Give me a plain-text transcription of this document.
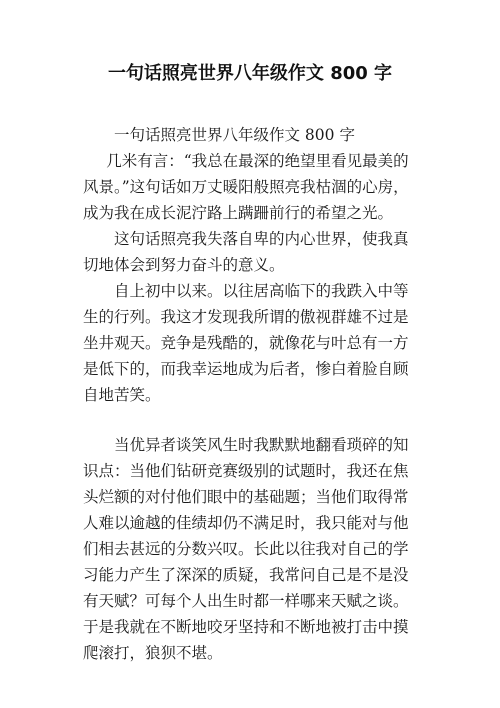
一句话照亮世界八年级作文 800 字

一句话照亮世界八年级作文 800 字

几米有言：“我总在最深的绝望里看见最美的风景。”这句话如万丈暖阳般照亮我枯涸的心房，成为我在成长泥泞路上蹒跚前行的希望之光。

这句话照亮我失落自卑的内心世界，使我真切地体会到努力奋斗的意义。

自上初中以来。以往居高临下的我跌入中等生的行列。我这才发现我所谓的傲视群雄不过是坐井观天。竞争是残酷的，就像花与叶总有一方是低下的，而我幸运地成为后者，惨白着脸自顾自地苦笑。

当优异者谈笑风生时我默默地翻看琐碎的知识点：当他们钻研竞赛级别的试题时，我还在焦头烂额的对付他们眼中的基础题；当他们取得常人难以逾越的佳绩却仍不满足时，我只能对与他们相去甚远的分数兴叹。长此以往我对自己的学习能力产生了深深的质疑，我常问自己是不是没有天赋？可每个人出生时都一样哪来天赋之谈。于是我就在不断地咬牙坚持和不断地被打击中摸爬滚打，狼狈不堪。
